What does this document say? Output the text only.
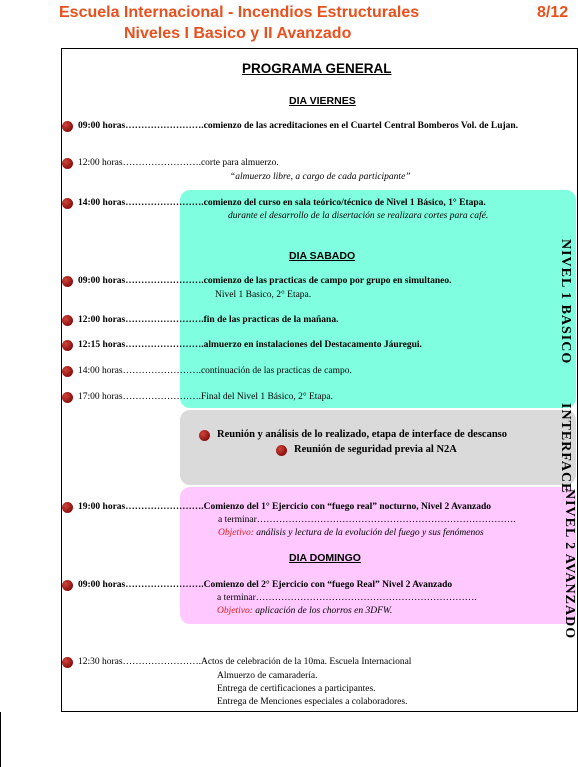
Escuela Internacional - Incendios Estructurales
Niveles I Basico y II Avanzado
8/12
NIVEL 1 BASICO
INTERFACE
NIVEL 2 AVANZADO
PROGRAMA GENERAL
DIA VIERNES
DIA SABADO
DIA DOMINGO
09:00 horas…………………….comienzo de las acreditaciones en el Cuartel Central Bomberos Vol. de Lujan.
12:00 horas…………………….corte para almuerzo.
“almuerzo libre, a cargo de cada participante”
14:00 horas…………………….comienzo del curso en sala teórico/técnico de Nivel 1 Básico, 1° Etapa.
durante el desarrollo de la disertación se realizara cortes para café.
09:00 horas…………………….comienzo de las practicas de campo por grupo en simultaneo.
Nivel 1 Basico, 2° Etapa.
12:00 horas…………………….fin de las practicas de la mañana.
12:15 horas…………………….almuerzo en instalaciones del Destacamento Jáuregui.
14:00 horas…………………….continuación de las practicas de campo.
17:00 horas…………………….Final del Nivel 1 Básico, 2° Etapa.
Reunión y análisis de lo realizado, etapa de interface de descanso
Reunión de seguridad previa al N2A
19:00 horas…………………….Comienzo del 1° Ejercicio con “fuego real” nocturno, Nivel 2 Avanzado
a terminar……………………………………………………………………….
Objetivo: análisis y lectura de la evolución del fuego y sus fenómenos
09:00 horas…………………….Comienzo del 2° Ejercicio con “fuego Real” Nivel 2 Avanzado
a terminar…………………………………………………………….
Objetivo: aplicación de los chorros en 3DFW.
12:30 horas…………………….Actos de celebración de la 10ma. Escuela Internacional
Almuerzo de camaradería.
Entrega de certificaciones a participantes.
Entrega de Menciones especiales a colaboradores.
